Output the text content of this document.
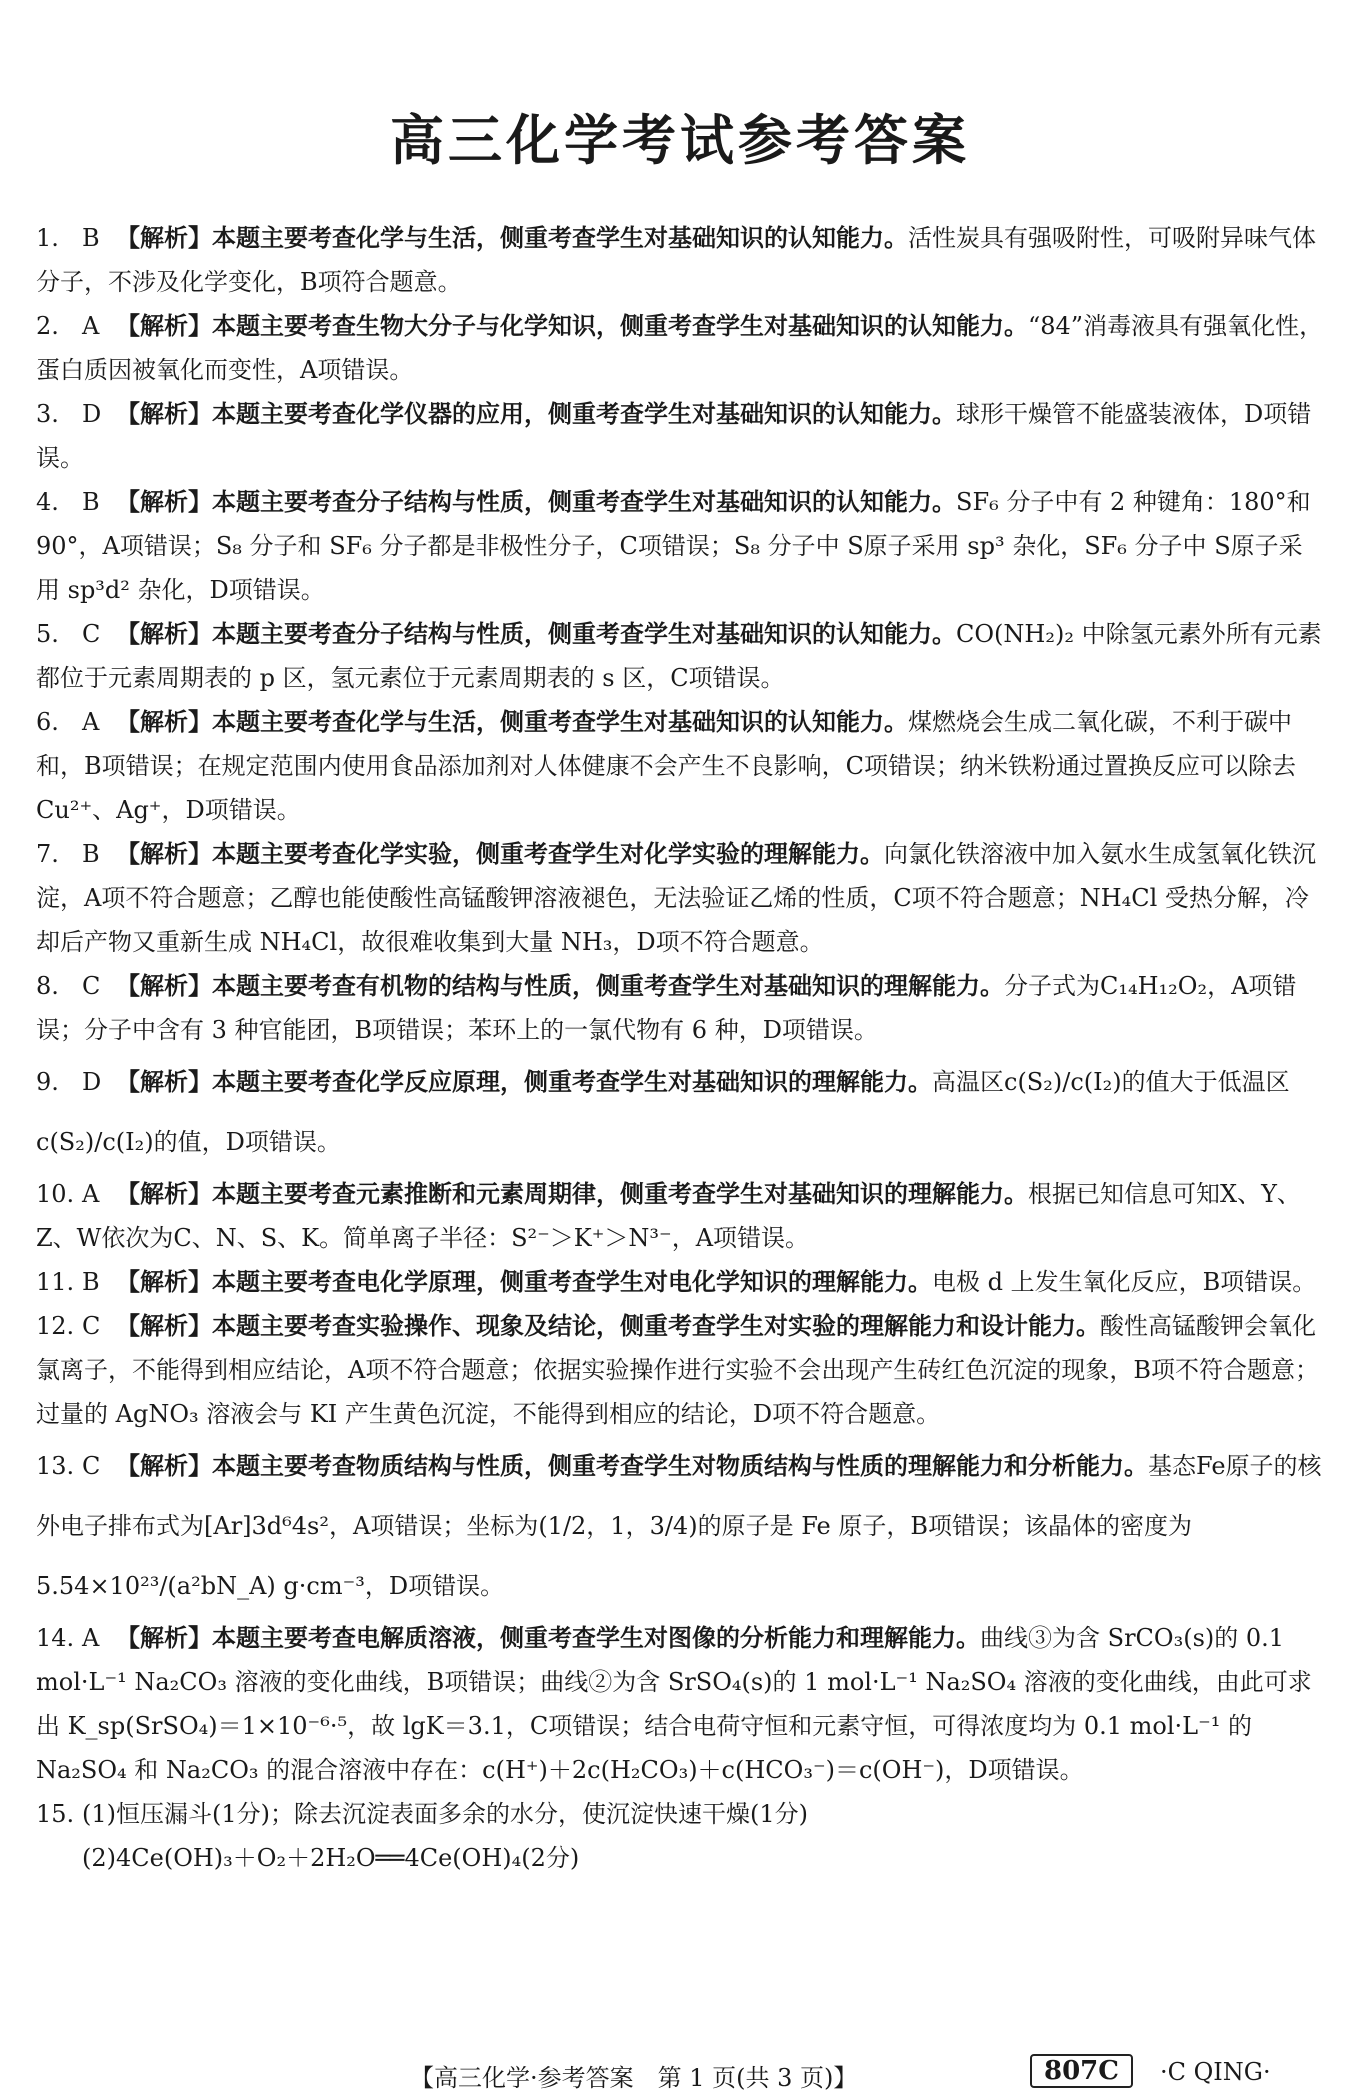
高三化学考试参考答案
1. B 【解析】本题主要考查化学与生活，侧重考查学生对基础知识的认知能力。活性炭具有强吸附性，可吸附异味气体分子，不涉及化学变化，B项符合题意。
2. A 【解析】本题主要考查生物大分子与化学知识，侧重考查学生对基础知识的认知能力。“84”消毒液具有强氧化性，蛋白质因被氧化而变性，A项错误。
3. D 【解析】本题主要考查化学仪器的应用，侧重考查学生对基础知识的认知能力。球形干燥管不能盛装液体，D项错误。
4. B 【解析】本题主要考查分子结构与性质，侧重考查学生对基础知识的认知能力。SF₆ 分子中有 2 种键角：180°和 90°，A项错误；S₈ 分子和 SF₆ 分子都是非极性分子，C项错误；S₈ 分子中 S原子采用 sp³ 杂化，SF₆ 分子中 S原子采用 sp³d² 杂化，D项错误。
5. C 【解析】本题主要考查分子结构与性质，侧重考查学生对基础知识的认知能力。CO(NH₂)₂ 中除氢元素外所有元素都位于元素周期表的 p 区，氢元素位于元素周期表的 s 区，C项错误。
6. A 【解析】本题主要考查化学与生活，侧重考查学生对基础知识的认知能力。煤燃烧会生成二氧化碳，不利于碳中和，B项错误；在规定范围内使用食品添加剂对人体健康不会产生不良影响，C项错误；纳米铁粉通过置换反应可以除去 Cu²⁺、Ag⁺，D项错误。
7. B 【解析】本题主要考查化学实验，侧重考查学生对化学实验的理解能力。向氯化铁溶液中加入氨水生成氢氧化铁沉淀，A项不符合题意；乙醇也能使酸性高锰酸钾溶液褪色，无法验证乙烯的性质，C项不符合题意；NH₄Cl 受热分解，冷却后产物又重新生成 NH₄Cl，故很难收集到大量 NH₃，D项不符合题意。
8. C 【解析】本题主要考查有机物的结构与性质，侧重考查学生对基础知识的理解能力。分子式为C₁₄H₁₂O₂，A项错误；分子中含有 3 种官能团，B项错误；苯环上的一氯代物有 6 种，D项错误。
9. D 【解析】本题主要考查化学反应原理，侧重考查学生对基础知识的理解能力。高温区c(S₂)/c(I₂)的值大于低温区c(S₂)/c(I₂)的值，D项错误。
10. A 【解析】本题主要考查元素推断和元素周期律，侧重考查学生对基础知识的理解能力。根据已知信息可知X、Y、Z、W依次为C、N、S、K。简单离子半径：S²⁻＞K⁺＞N³⁻，A项错误。
11. B 【解析】本题主要考查电化学原理，侧重考查学生对电化学知识的理解能力。电极 d 上发生氧化反应，B项错误。
12. C 【解析】本题主要考查实验操作、现象及结论，侧重考查学生对实验的理解能力和设计能力。酸性高锰酸钾会氧化氯离子，不能得到相应结论，A项不符合题意；依据实验操作进行实验不会出现产生砖红色沉淀的现象，B项不符合题意；过量的 AgNO₃ 溶液会与 KI 产生黄色沉淀，不能得到相应的结论，D项不符合题意。
13. C 【解析】本题主要考查物质结构与性质，侧重考查学生对物质结构与性质的理解能力和分析能力。基态Fe原子的核外电子排布式为[Ar]3d⁶4s²，A项错误；坐标为(1/2，1，3/4)的原子是 Fe 原子，B项错误；该晶体的密度为5.54×10²³/(a²bN_A) g·cm⁻³，D项错误。
14. A 【解析】本题主要考查电解质溶液，侧重考查学生对图像的分析能力和理解能力。曲线③为含 SrCO₃(s)的 0.1 mol·L⁻¹ Na₂CO₃ 溶液的变化曲线，B项错误；曲线②为含 SrSO₄(s)的 1 mol·L⁻¹ Na₂SO₄ 溶液的变化曲线，由此可求出 K_sp(SrSO₄)＝1×10⁻⁶·⁵，故 lgK＝3.1，C项错误；结合电荷守恒和元素守恒，可得浓度均为 0.1 mol·L⁻¹ 的 Na₂SO₄ 和 Na₂CO₃ 的混合溶液中存在：c(H⁺)＋2c(H₂CO₃)＋c(HCO₃⁻)＝c(OH⁻)，D项错误。
15. (1)恒压漏斗(1分)；除去沉淀表面多余的水分，使沉淀快速干燥(1分)
(2)4Ce(OH)₃＋O₂＋2H₂O══4Ce(OH)₄(2分)
【高三化学·参考答案　第 1 页(共 3 页)】	807C	·C QING·
